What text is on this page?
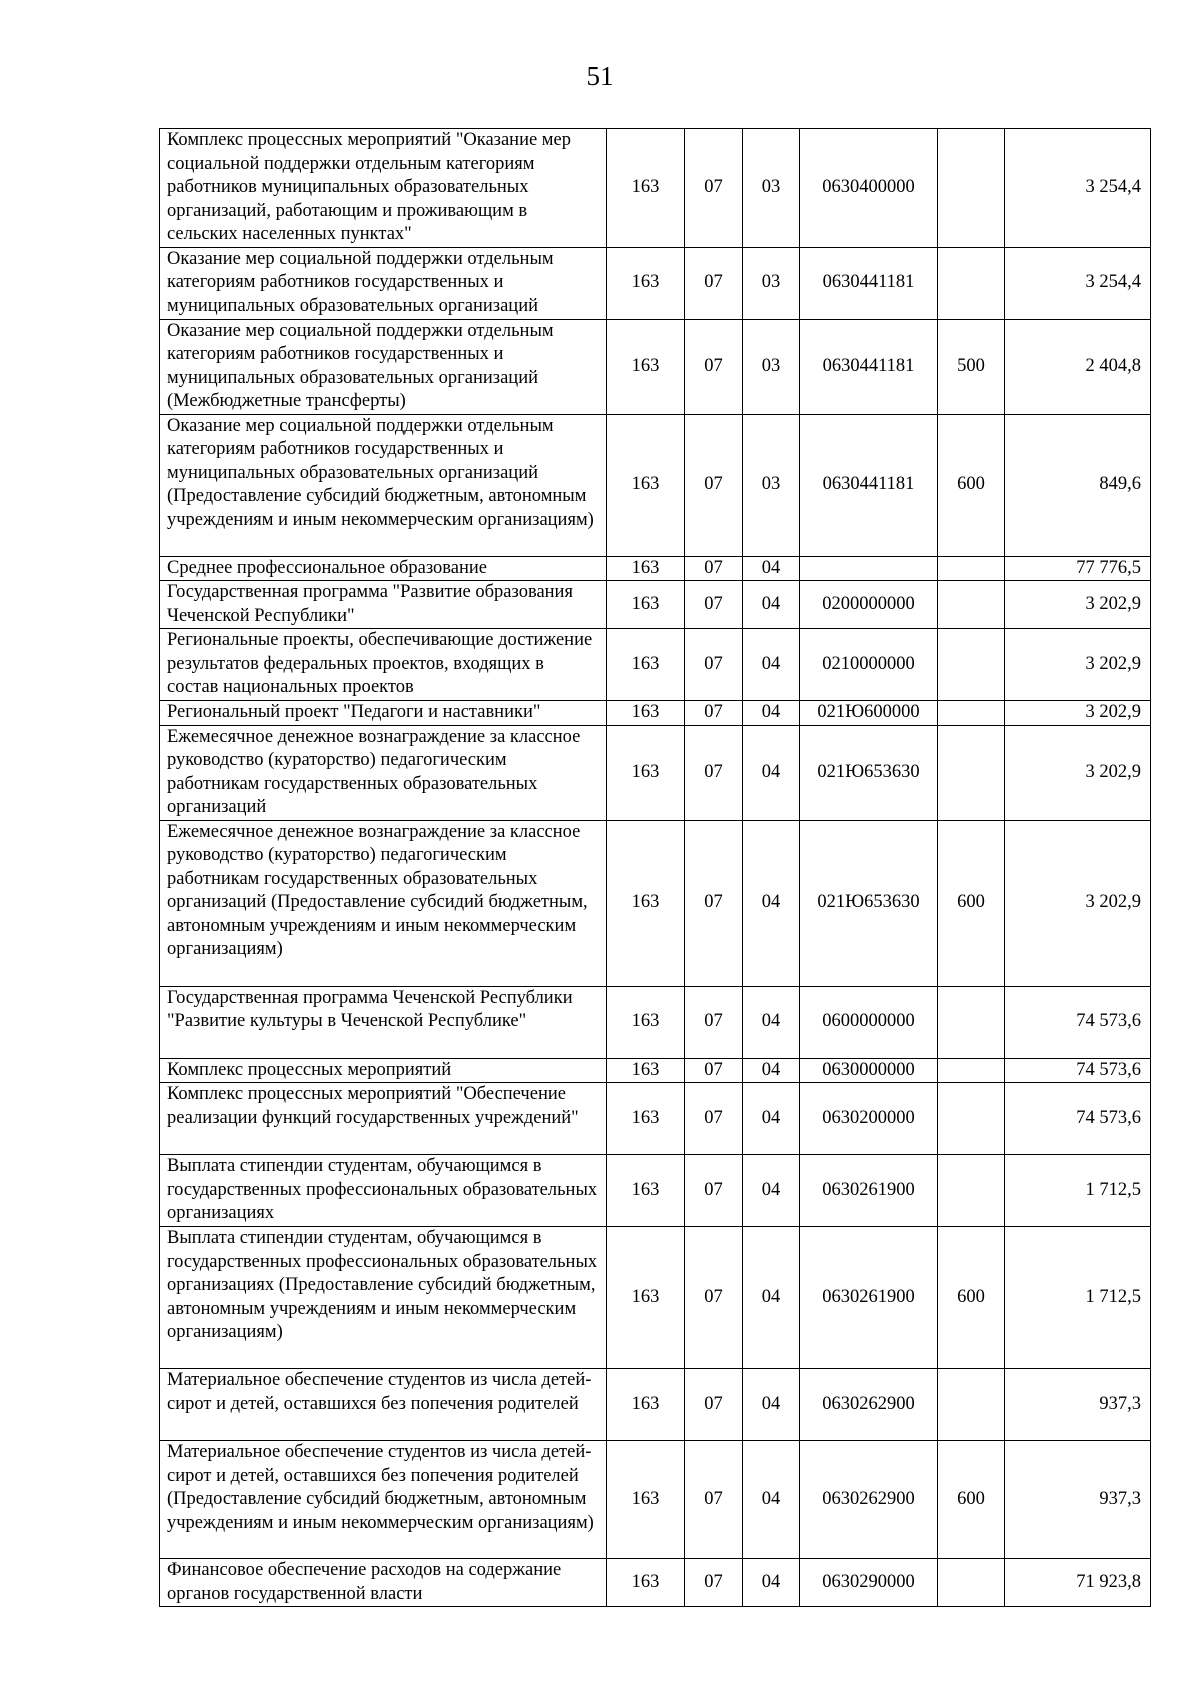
51
Комплекс процессных мероприятий "Оказание мер социальной поддержки отдельным категориям работников муниципальных образовательных организаций, работающим и проживающим в сельских населенных пунктах"	163	07	03	0630400000		3 254,4
Оказание мер социальной поддержки отдельным категориям работников государственных и муниципальных образовательных организаций	163	07	03	0630441181		3 254,4
Оказание мер социальной поддержки отдельным категориям работников государственных и муниципальных образовательных организаций (Межбюджетные трансферты)	163	07	03	0630441181	500	2 404,8
Оказание мер социальной поддержки отдельным категориям работников государственных и муниципальных образовательных организаций (Предоставление субсидий бюджетным, автономным учреждениям и иным некоммерческим организациям)	163	07	03	0630441181	600	849,6
Среднее профессиональное образование	163	07	04			77 776,5
Государственная программа "Развитие образования Чеченской Республики"	163	07	04	0200000000		3 202,9
Региональные проекты, обеспечивающие достижение результатов федеральных проектов, входящих в состав национальных проектов	163	07	04	0210000000		3 202,9
Региональный проект "Педагоги и наставники"	163	07	04	021Ю600000		3 202,9
Ежемесячное денежное вознаграждение за классное руководство (кураторство) педагогическим работникам государственных образовательных организаций	163	07	04	021Ю653630		3 202,9
Ежемесячное денежное вознаграждение за классное руководство (кураторство) педагогическим работникам государственных образовательных организаций (Предоставление субсидий бюджетным, автономным учреждениям и иным некоммерческим организациям)	163	07	04	021Ю653630	600	3 202,9
Государственная программа Чеченской Республики "Развитие культуры в Чеченской Республике"	163	07	04	0600000000		74 573,6
Комплекс процессных мероприятий	163	07	04	0630000000		74 573,6
Комплекс процессных мероприятий "Обеспечение реализации функций государственных учреждений"	163	07	04	0630200000		74 573,6
Выплата стипендии студентам, обучающимся в государственных профессиональных образовательных организациях	163	07	04	0630261900		1 712,5
Выплата стипендии студентам, обучающимся в государственных профессиональных образовательных организациях (Предоставление субсидий бюджетным, автономным учреждениям и иным некоммерческим организациям)	163	07	04	0630261900	600	1 712,5
Материальное обеспечение студентов из числа детей-сирот и детей, оставшихся без попечения родителей	163	07	04	0630262900		937,3
Материальное обеспечение студентов из числа детей-сирот и детей, оставшихся без попечения родителей (Предоставление субсидий бюджетным, автономным учреждениям и иным некоммерческим организациям)	163	07	04	0630262900	600	937,3
Финансовое обеспечение расходов на содержание органов государственной власти	163	07	04	0630290000		71 923,8
